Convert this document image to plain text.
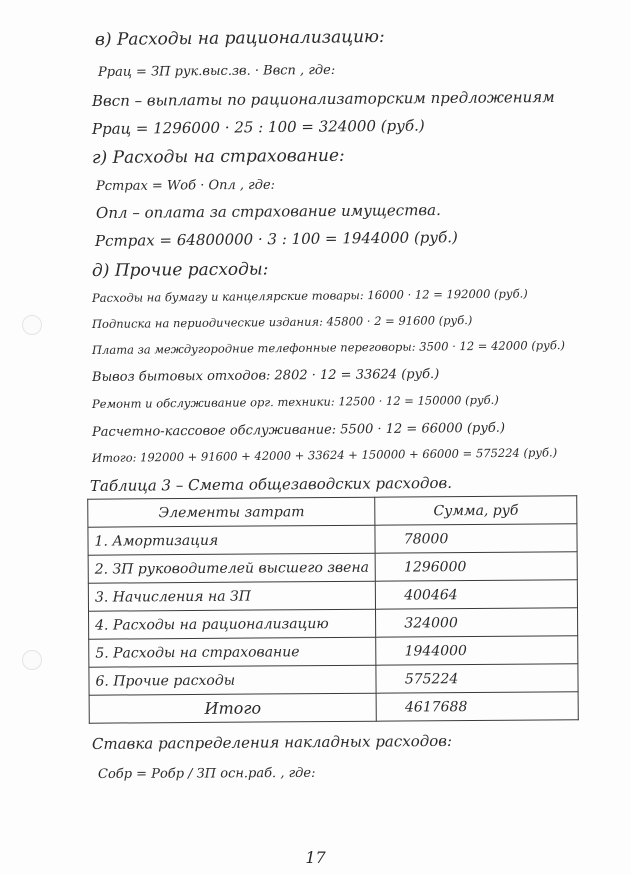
в) Расходы на рационализацию:
Ррац = ЗП рук.выс.зв. · Ввсп , где:
Ввсп – выплаты по рационализаторским предложениям
Ррац = 1296000 · 25 : 100 = 324000 (руб.)
г) Расходы на страхование:
Рстрах = Wоб · Опл , где:
Опл – оплата за страхование имущества.
Рстрах = 64800000 · 3 : 100 = 1944000 (руб.)
д) Прочие расходы:
Расходы на бумагу и канцелярские товары: 16000 · 12 = 192000 (руб.)
Подписка на периодические издания: 45800 · 2 = 91600 (руб.)
Плата за междугородние телефонные переговоры: 3500 · 12 = 42000 (руб.)
Вывоз бытовых отходов: 2802 · 12 = 33624 (руб.)
Ремонт и обслуживание орг. техники: 12500 · 12 = 150000 (руб.)
Расчетно-кассовое обслуживание: 5500 · 12 = 66000 (руб.)
Итого: 192000 + 91600 + 42000 + 33624 + 150000 + 66000 = 575224 (руб.)
Таблица 3 – Смета общезаводских расходов.
Элементы затрат	Сумма, руб
1. Амортизация	78000
2. ЗП руководителей высшего звена	1296000
3. Начисления на ЗП	400464
4. Расходы на рационализацию	324000
5. Расходы на страхование	1944000
6. Прочие расходы	575224
Итого	4617688
Ставка распределения накладных расходов:
Собр = Робр / ЗП осн.раб. , где:
17
